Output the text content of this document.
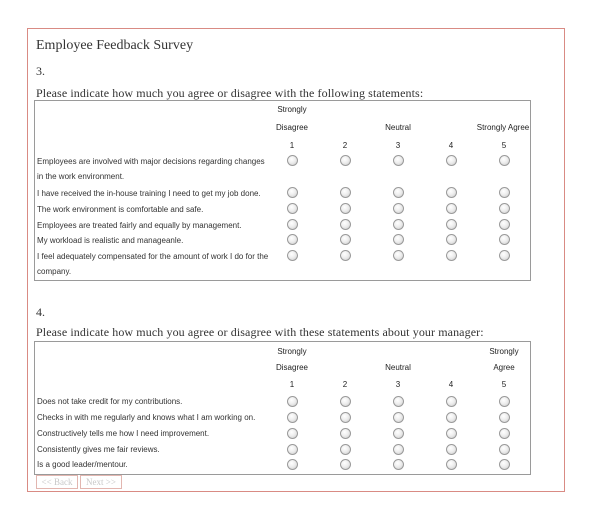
Employee Feedback Survey
3.
Please indicate how much you agree or disagree with the following statements:
Strongly
Disagree	Neutral	Strongly Agree
1	2	3	4	5
Employees are involved with major decisions regarding changes
in the work environment.
I have received the in-house training I need to get my job done.
The work environment is comfortable and safe.
Employees are treated fairly and equally by management.
My workload is realistic and manageanle.
I feel adequately compensated for the amount of work I do for the
company.
4.
Please indicate how much you agree or disagree with these statements about your manager:
Strongly
Disagree	Neutral
Strongly
Agree
1	2	3	4	5
Does not take credit for my contributions.
Checks in with me regularly and knows what I am working on.
Constructively tells me how I need improvement.
Consistently gives me fair reviews.
Is a good leader/mentour.
<< Back	Next >>
